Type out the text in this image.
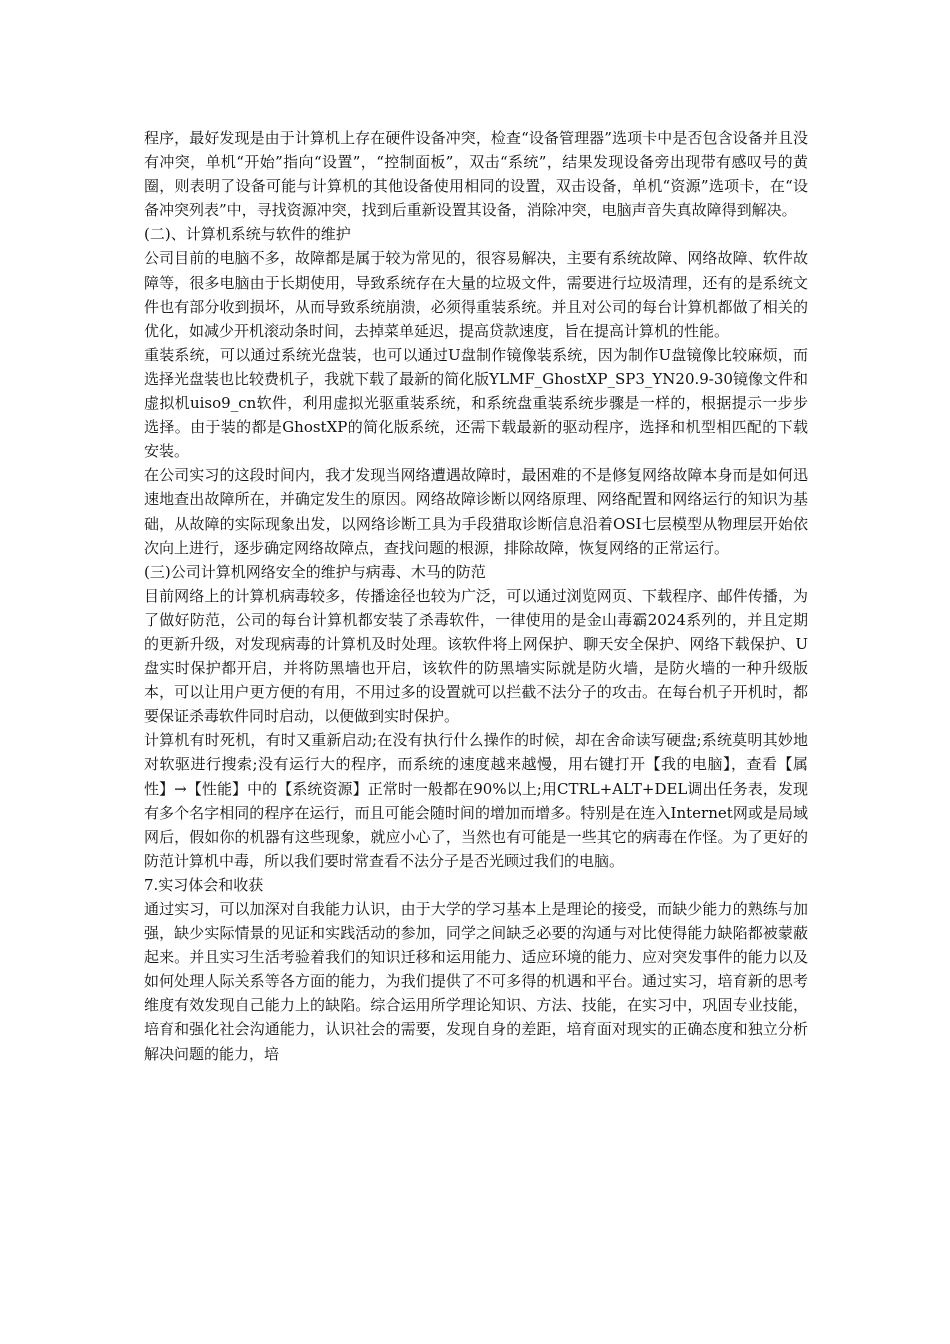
程序，最好发现是由于计算机上存在硬件设备冲突，检查“设备管理器”选项卡中是否包含设备并且没有冲突，单机“开始”指向“设置”，“控制面板”，双击“系统”，结果发现设备旁出现带有感叹号的黄圈，则表明了设备可能与计算机的其他设备使用相同的设置，双击设备，单机“资源”选项卡，在“设备冲突列表”中，寻找资源冲突，找到后重新设置其设备，消除冲突，电脑声音失真故障得到解决。

(二)、计算机系统与软件的维护

公司目前的电脑不多，故障都是属于较为常见的，很容易解决，主要有系统故障、网络故障、软件故障等，很多电脑由于长期使用，导致系统存在大量的垃圾文件，需要进行垃圾清理，还有的是系统文件也有部分收到损坏，从而导致系统崩溃，必须得重装系统。并且对公司的每台计算机都做了相关的优化，如减少开机滚动条时间，去掉菜单延迟，提高贷款速度，旨在提高计算机的性能。

重装系统，可以通过系统光盘装，也可以通过U盘制作镜像装系统，因为制作U盘镜像比较麻烦，而选择光盘装也比较费机子，我就下载了最新的简化版YLMF_GhostXP_SP3_YN20.9-30镜像文件和虚拟机uiso9_cn软件，利用虚拟光驱重装系统，和系统盘重装系统步骤是一样的，根据提示一步步选择。由于装的都是GhostXP的简化版系统，还需下载最新的驱动程序，选择和机型相匹配的下载安装。

在公司实习的这段时间内，我才发现当网络遭遇故障时，最困难的不是修复网络故障本身而是如何迅速地查出故障所在，并确定发生的原因。网络故障诊断以网络原理、网络配置和网络运行的知识为基础，从故障的实际现象出发，以网络诊断工具为手段猎取诊断信息沿着OSI七层模型从物理层开始依次向上进行，逐步确定网络故障点，查找问题的根源，排除故障，恢复网络的正常运行。

(三)公司计算机网络安全的维护与病毒、木马的防范

目前网络上的计算机病毒较多，传播途径也较为广泛，可以通过浏览网页、下载程序、邮件传播，为了做好防范，公司的每台计算机都安装了杀毒软件，一律使用的是金山毒霸2024系列的，并且定期的更新升级，对发现病毒的计算机及时处理。该软件将上网保护、聊天安全保护、网络下载保护、U盘实时保护都开启，并将防黑墙也开启，该软件的防黑墙实际就是防火墙，是防火墙的一种升级版本，可以让用户更方便的有用，不用过多的设置就可以拦截不法分子的攻击。在每台机子开机时，都要保证杀毒软件同时启动，以便做到实时保护。

计算机有时死机，有时又重新启动;在没有执行什么操作的时候，却在舍命读写硬盘;系统莫明其妙地对软驱进行搜索;没有运行大的程序，而系统的速度越来越慢，用右键打开【我的电脑】，查看【属性】→【性能】中的【系统资源】正常时一般都在90%以上;用CTRL+ALT+DEL调出任务表，发现有多个名字相同的程序在运行，而且可能会随时间的增加而增多。特别是在连入Internet网或是局域网后，假如你的机器有这些现象，就应小心了，当然也有可能是一些其它的病毒在作怪。为了更好的防范计算机中毒，所以我们要时常查看不法分子是否光顾过我们的电脑。

7.实习体会和收获

通过实习，可以加深对自我能力认识，由于大学的学习基本上是理论的接受，而缺少能力的熟练与加强，缺少实际情景的见证和实践活动的参加，同学之间缺乏必要的沟通与对比使得能力缺陷都被蒙蔽起来。并且实习生活考验着我们的知识迁移和运用能力、适应环境的能力、应对突发事件的能力以及如何处理人际关系等各方面的能力，为我们提供了不可多得的机遇和平台。通过实习，培育新的思考维度有效发现自己能力上的缺陷。综合运用所学理论知识、方法、技能，在实习中，巩固专业技能，培育和强化社会沟通能力，认识社会的需要，发现自身的差距，培育面对现实的正确态度和独立分析解决问题的能力，培
